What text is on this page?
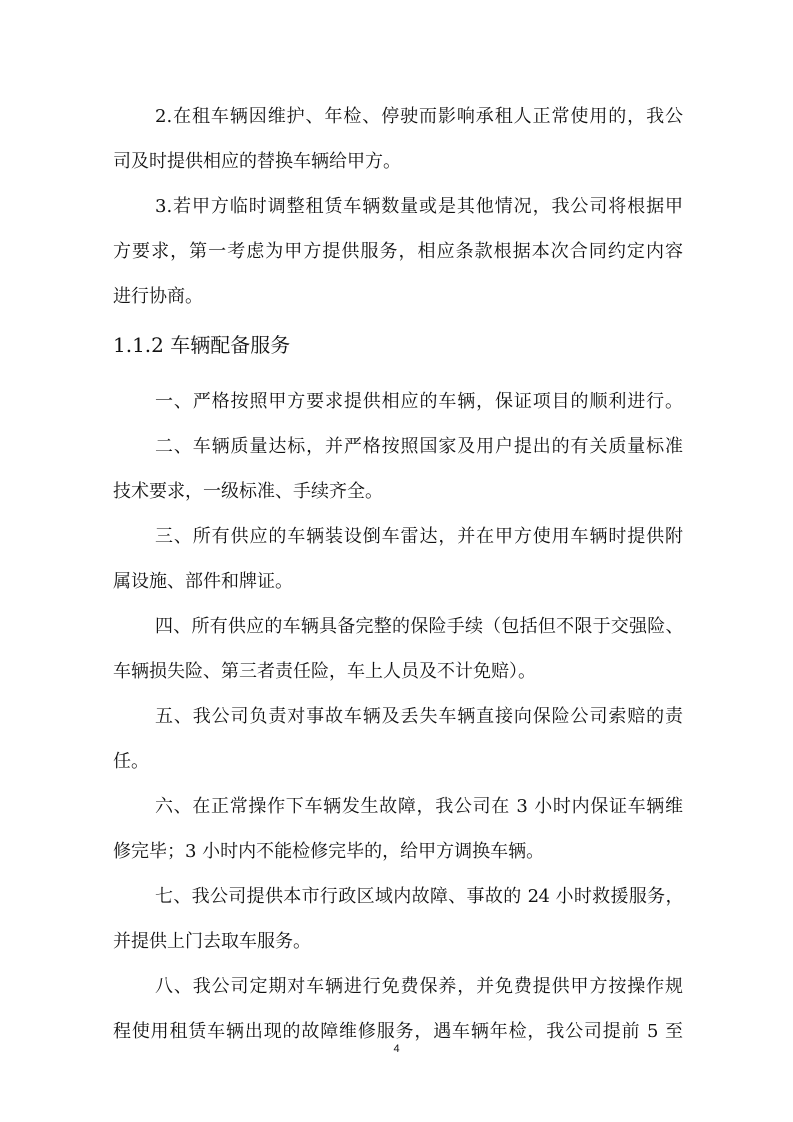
2.在租车辆因维护、年检、停驶而影响承租人正常使用的，我公
司及时提供相应的替换车辆给甲方。
3.若甲方临时调整租赁车辆数量或是其他情况，我公司将根据甲
方要求，第一考虑为甲方提供服务，相应条款根据本次合同约定内容
进行协商。
1.1.2 车辆配备服务
一、严格按照甲方要求提供相应的车辆，保证项目的顺利进行。
二、车辆质量达标，并严格按照国家及用户提出的有关质量标准
技术要求，一级标准、手续齐全。
三、所有供应的车辆装设倒车雷达，并在甲方使用车辆时提供附
属设施、部件和牌证。
四、所有供应的车辆具备完整的保险手续（包括但不限于交强险、
车辆损失险、第三者责任险，车上人员及不计免赔）。
五、我公司负责对事故车辆及丢失车辆直接向保险公司索赔的责
任。
六、在正常操作下车辆发生故障，我公司在 3 小时内保证车辆维
修完毕；3 小时内不能检修完毕的，给甲方调换车辆。
七、我公司提供本市行政区域内故障、事故的 24 小时救援服务，
并提供上门去取车服务。
八、我公司定期对车辆进行免费保养，并免费提供甲方按操作规
程使用租赁车辆出现的故障维修服务，遇车辆年检，我公司提前 5 至
4
